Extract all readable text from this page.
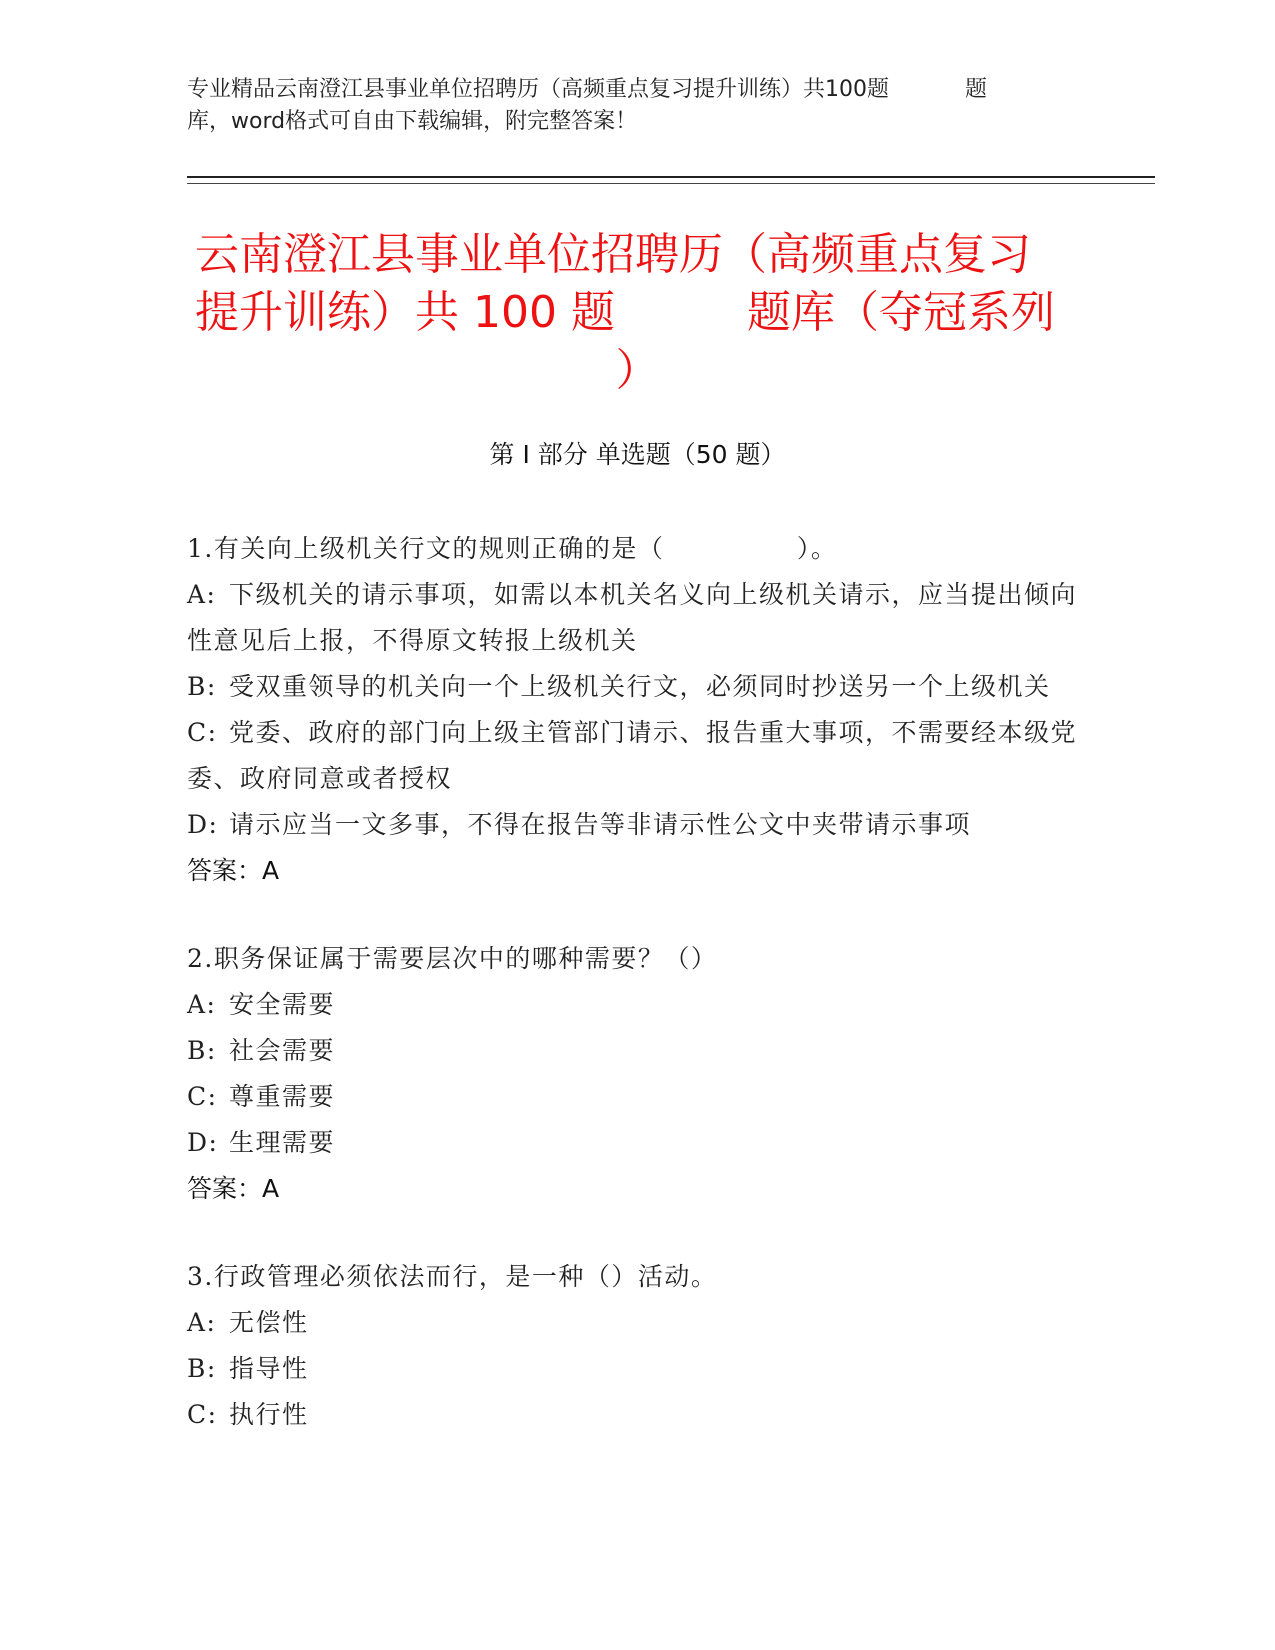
专业精品云南澄江县事业单位招聘历（高频重点复习提升训练）共100题	题
库，word格式可自由下载编辑，附完整答案！
云南澄江县事业单位招聘历（高频重点复习
提升训练）共 100 题	题库（夺冠系列
）
第 I 部分 单选题（50 题）

1.有关向上级机关行文的规则正确的是（　　　　　）。

A: 下级机关的请示事项，如需以本机关名义向上级机关请示，应当提出倾向性意见后上报，不得原文转报上级机关

B: 受双重领导的机关向一个上级机关行文，必须同时抄送另一个上级机关

C: 党委、政府的部门向上级主管部门请示、报告重大事项，不需要经本级党委、政府同意或者授权

D: 请示应当一文多事，不得在报告等非请示性公文中夹带请示事项

答案：A

2.职务保证属于需要层次中的哪种需要？（）

A: 安全需要

B: 社会需要

C: 尊重需要

D: 生理需要

答案：A

3.行政管理必须依法而行，是一种（）活动。

A: 无偿性

B: 指导性

C: 执行性
